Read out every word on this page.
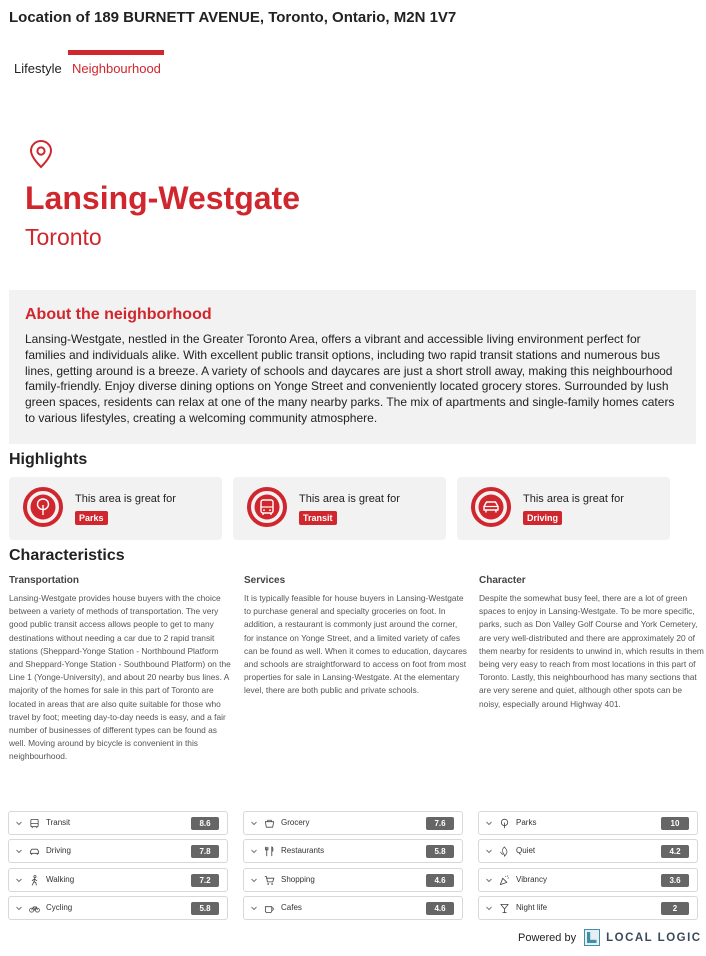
Location of 189 BURNETT AVENUE, Toronto, Ontario, M2N 1V7
Lifestyle Neighbourhood
Lansing-Westgate
Toronto
About the neighborhood

Lansing-Westgate, nestled in the Greater Toronto Area, offers a vibrant and accessible living environment perfect for families and individuals alike. With excellent public transit options, including two rapid transit stations and numerous bus lines, getting around is a breeze. A variety of schools and daycares are just a short stroll away, making this neighbourhood family-friendly. Enjoy diverse dining options on Yonge Street and conveniently located grocery stores. Surrounded by lush green spaces, residents can relax at one of the many nearby parks. The mix of apartments and single-family homes caters to various lifestyles, creating a welcoming community atmosphere.

Highlights
This area is great for
Parks
This area is great for
Transit
This area is great for
Driving
Characteristics
Transportation

Lansing-Westgate provides house buyers with the choice between a variety of methods of transportation. The very good public transit access allows people to get to many destinations without needing a car due to 2 rapid transit stations (Sheppard-Yonge Station - Northbound Platform and Sheppard-Yonge Station - Southbound Platform) on the Line 1 (Yonge-University), and about 20 nearby bus lines. A majority of the homes for sale in this part of Toronto are located in areas that are also quite suitable for those who travel by foot; meeting day-to-day needs is easy, and a fair number of businesses of different types can be found as well. Moving around by bicycle is convenient in this neighbourhood.

Services

It is typically feasible for house buyers in Lansing-Westgate to purchase general and specialty groceries on foot. In addition, a restaurant is commonly just around the corner, for instance on Yonge Street, and a limited variety of cafes can be found as well. When it comes to education, daycares and schools are straightforward to access on foot from most properties for sale in Lansing-Westgate. At the elementary level, there are both public and private schools.

Character

Despite the somewhat busy feel, there are a lot of green spaces to enjoy in Lansing-Westgate. To be more specific, parks, such as Don Valley Golf Course and York Cemetery, are very well-distributed and there are approximately 20 of them nearby for residents to unwind in, which results in them being very easy to reach from most locations in this part of Toronto. Lastly, this neighbourhood has many sections that are very serene and quiet, although other spots can be noisy, especially around Highway 401.

Transit	8.6
Driving	7.8
Walking	7.2
Cycling	5.8
Grocery	7.6
Restaurants	5.8
Shopping	4.6
Cafes	4.6
Parks	10
Quiet	4.2
Vibrancy	3.6
Night life	2
Powered by	LOCAL LOGIC
